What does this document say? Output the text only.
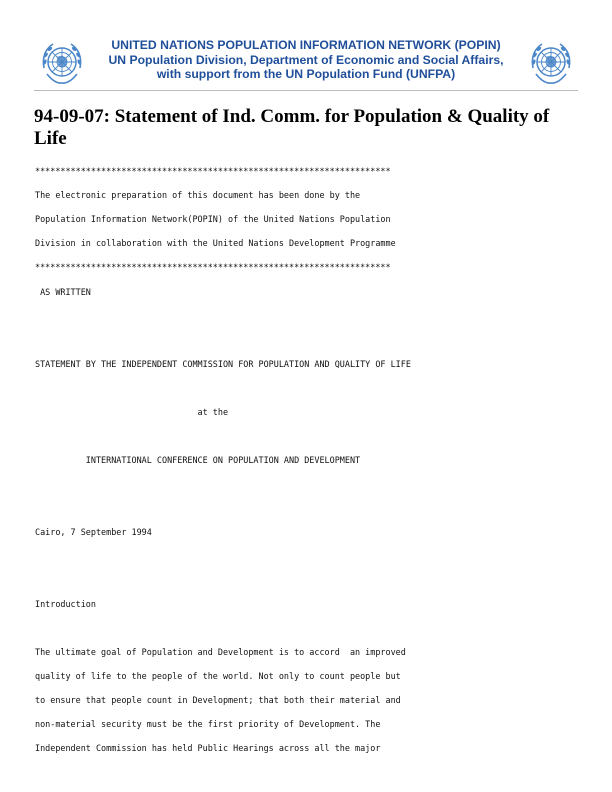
UNITED NATIONS POPULATION INFORMATION NETWORK (POPIN)
UN Population Division, Department of Economic and Social Affairs,
with support from the UN Population Fund (UNFPA)
94-09-07: Statement of Ind. Comm. for Population & Quality of Life
**********************************************************************
The electronic preparation of this document has been done by the
Population Information Network(POPIN) of the United Nations Population
Division in collaboration with the United Nations Development Programme
**********************************************************************
AS WRITTEN
STATEMENT BY THE INDEPENDENT COMMISSION FOR POPULATION AND QUALITY OF LIFE
at the
INTERNATIONAL CONFERENCE ON POPULATION AND DEVELOPMENT
Cairo, 7 September 1994
Introduction
The ultimate goal of Population and Development is to accord  an improved
quality of life to the people of the world. Not only to count people but
to ensure that people count in Development; that both their material and
non-material security must be the first priority of Development. The
Independent Commission has held Public Hearings across all the major
